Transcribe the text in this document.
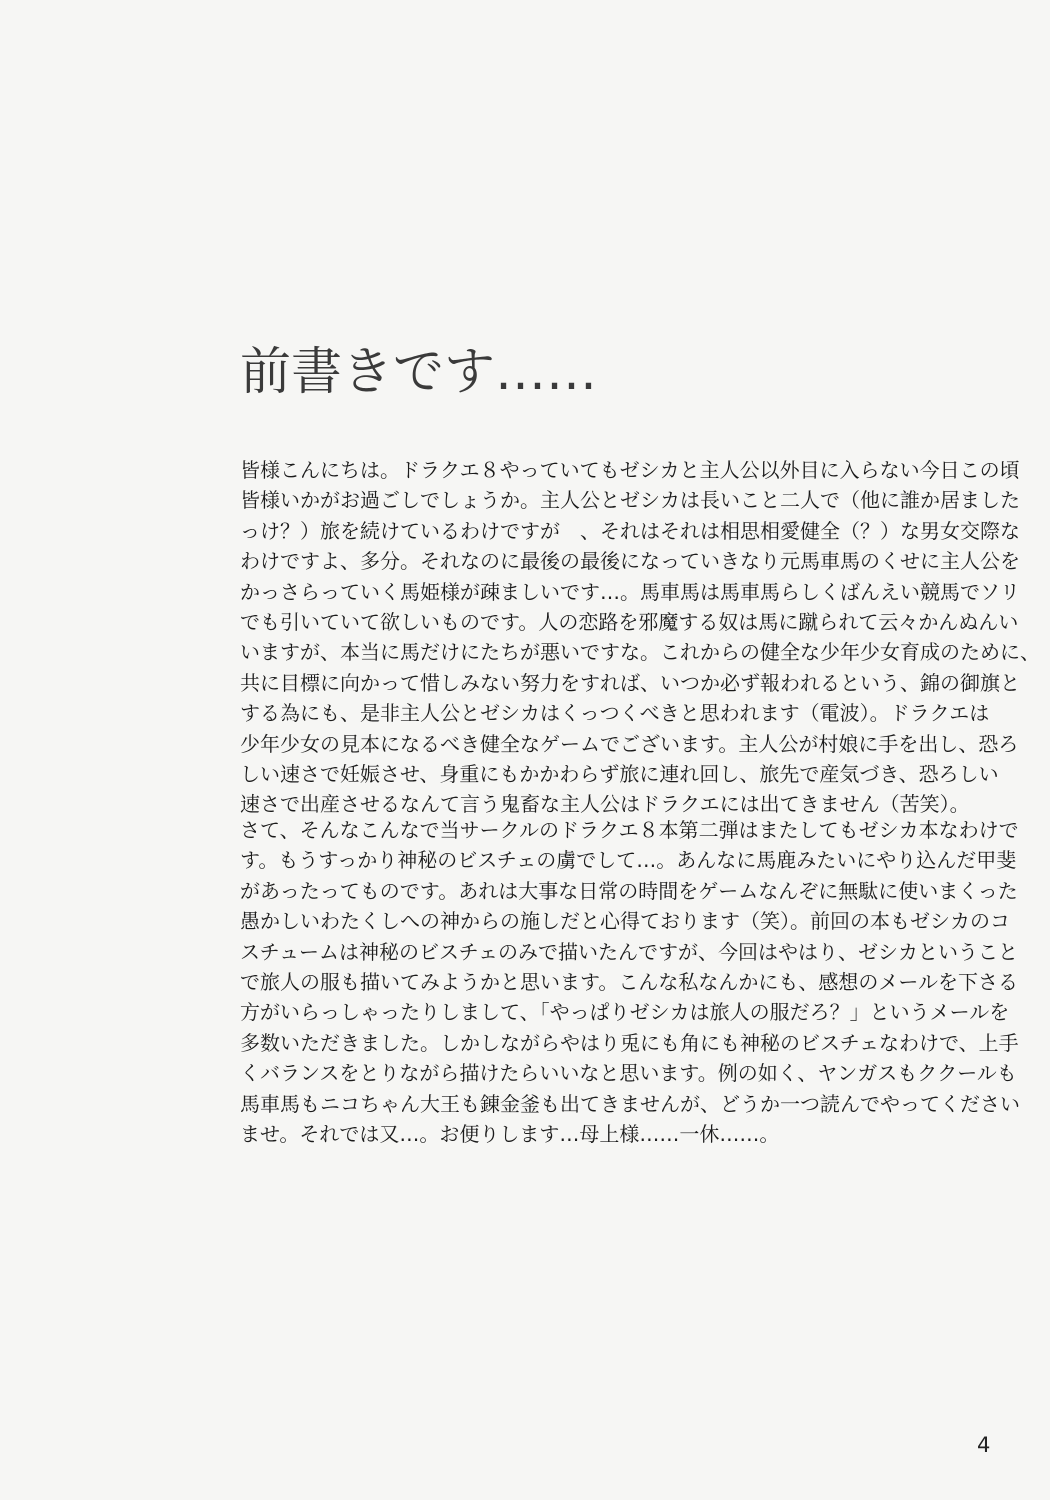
前書きです……
皆様こんにちは。ドラクエ８やっていてもゼシカと主人公以外目に入らない今日この頃
皆様いかがお過ごしでしょうか。主人公とゼシカは長いこと二人で（他に誰か居ました
っけ？）旅を続けているわけですが　、それはそれは相思相愛健全（？）な男女交際な
わけですよ、多分。それなのに最後の最後になっていきなり元馬車馬のくせに主人公を
かっさらっていく馬姫様が疎ましいです…。馬車馬は馬車馬らしくばんえい競馬でソリ
でも引いていて欲しいものです。人の恋路を邪魔する奴は馬に蹴られて云々かんぬんい
いますが、本当に馬だけにたちが悪いですな。これからの健全な少年少女育成のために、
共に目標に向かって惜しみない努力をすれば、いつか必ず報われるという、錦の御旗と
する為にも、是非主人公とゼシカはくっつくべきと思われます（電波）。ドラクエは
少年少女の見本になるべき健全なゲームでございます。主人公が村娘に手を出し、恐ろ
しい速さで妊娠させ、身重にもかかわらず旅に連れ回し、旅先で産気づき、恐ろしい
速さで出産させるなんて言う鬼畜な主人公はドラクエには出てきません（苦笑）。
さて、そんなこんなで当サークルのドラクエ８本第二弾はまたしてもゼシカ本なわけで
す。もうすっかり神秘のビスチェの虜でして…。あんなに馬鹿みたいにやり込んだ甲斐
があったってものです。あれは大事な日常の時間をゲームなんぞに無駄に使いまくった
愚かしいわたくしへの神からの施しだと心得ております（笑）。前回の本もゼシカのコ
スチュームは神秘のビスチェのみで描いたんですが、今回はやはり、ゼシカということ
で旅人の服も描いてみようかと思います。こんな私なんかにも、感想のメールを下さる
方がいらっしゃったりしまして、「やっぱりゼシカは旅人の服だろ？」というメールを
多数いただきました。しかしながらやはり兎にも角にも神秘のビスチェなわけで、上手
くバランスをとりながら描けたらいいなと思います。例の如く、ヤンガスもククールも
馬車馬もニコちゃん大王も錬金釜も出てきませんが、どうか一つ読んでやってください
ませ。それでは又…。お便りします…母上様……一休……。
4
